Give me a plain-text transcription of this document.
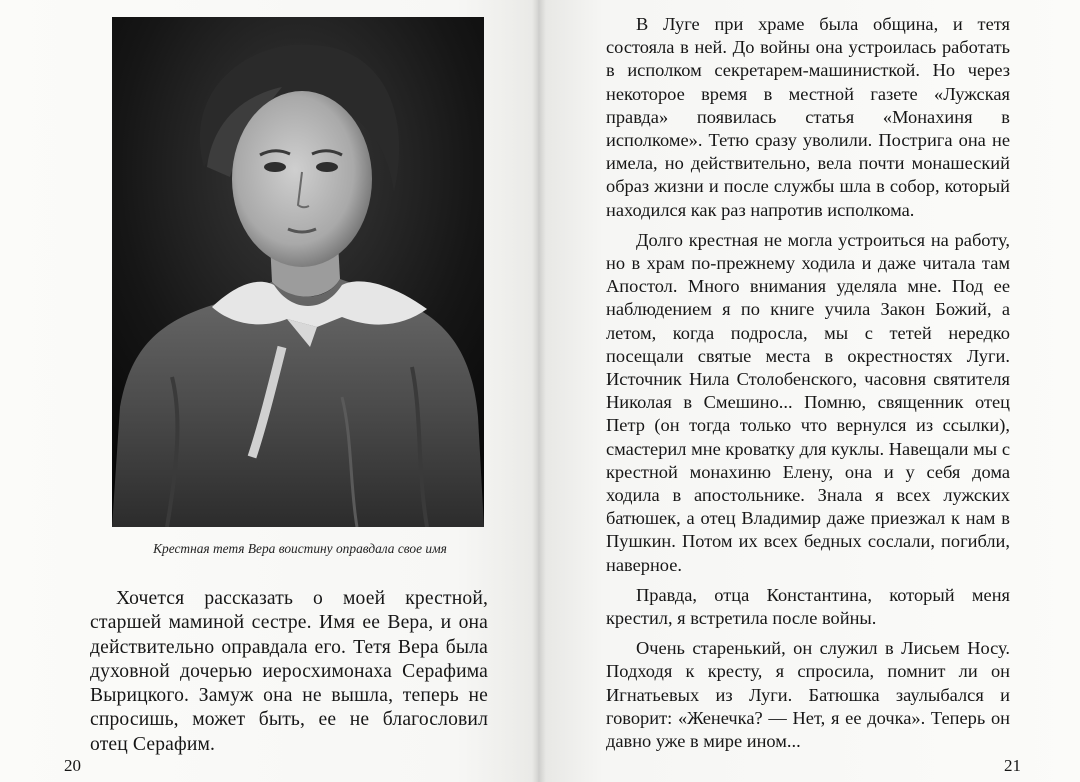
Крестная тетя Вера воистину оправдала свое имя

Хочется рассказать о моей крестной, старшей маминой сестре. Имя ее Вера, и она действительно оправдала его. Тетя Вера была духовной дочерью иеросхимонаха Серафима Вырицкого. Замуж она не вышла, теперь не спросишь, может быть, ее не благословил отец Серафим.

20

В Луге при храме была община, и тетя состояла в ней. До войны она устроилась работать в исполком секретарем-машинисткой. Но через некоторое время в местной газете «Лужская правда» появилась статья «Монахиня в исполкоме». Тетю сразу уволили. Пострига она не имела, но действительно, вела почти монашеский образ жизни и после службы шла в собор, который находился как раз напротив исполкома.

Долго крестная не могла устроиться на работу, но в храм по-прежнему ходила и даже читала там Апостол. Много внимания уделяла мне. Под ее наблюдением я по книге учила Закон Божий, а летом, когда подросла, мы с тетей нередко посещали святые места в окрестностях Луги. Источник Нила Столобенского, часовня святителя Николая в Смешино... Помню, священник отец Петр (он тогда только что вернулся из ссылки), смастерил мне кроватку для куклы. Навещали мы с крестной монахиню Елену, она и у себя дома ходила в апостольнике. Знала я всех лужских батюшек, а отец Владимир даже приезжал к нам в Пушкин. Потом их всех бедных сослали, погибли, наверное.

Правда, отца Константина, который меня крестил, я встретила после войны.

Очень старенький, он служил в Лисьем Носу. Подходя к кресту, я спросила, помнит ли он Игнатьевых из Луги. Батюшка заулыбался и говорит: «Женечка? — Нет, я ее дочка». Теперь он давно уже в мире ином...

21
